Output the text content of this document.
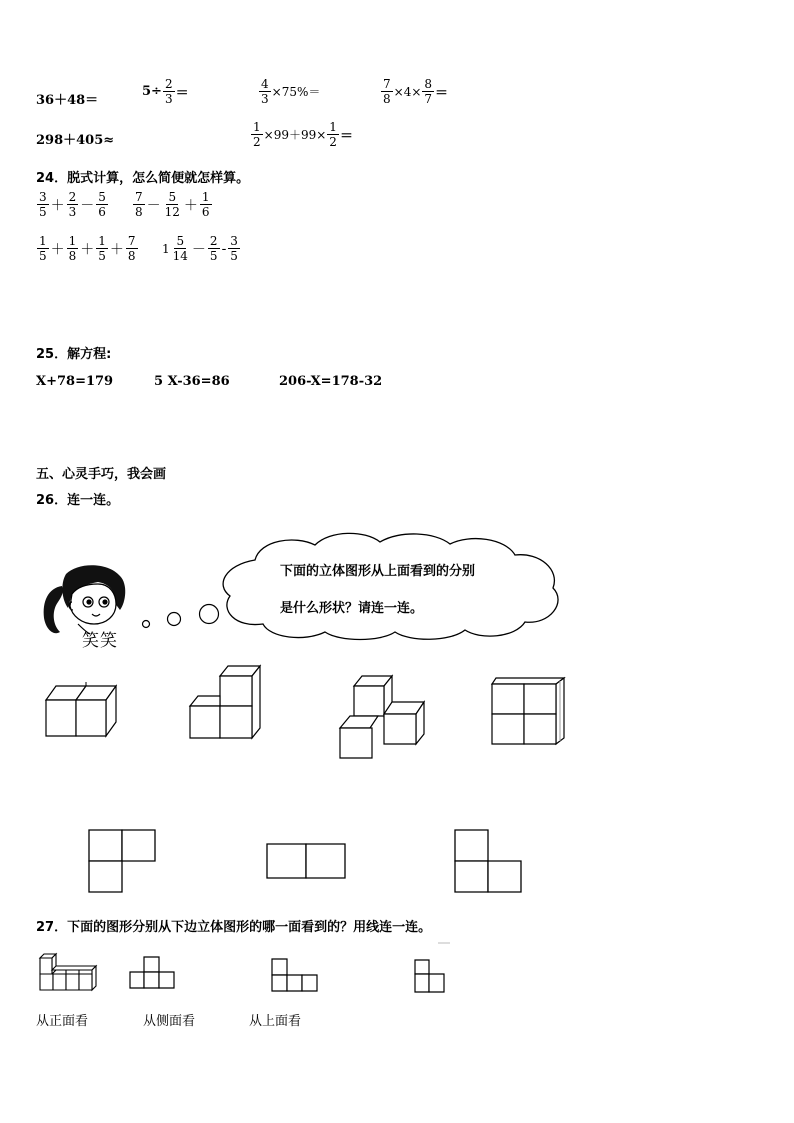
36＋48＝
$5\div \frac{2}{3}$ ＝	$\frac{4}{3} \times 75\%=$	$\frac{7}{8} \times 4\times \frac{8}{7}$ ＝
298＋405≈	$\frac{1}{2} \times 99+99\times \frac{1}{2}$ ＝
24．脱式计算，怎么简便就怎样算。
$\frac{3}{5} + \frac{2}{3} - \frac{5}{6} \frac{7}{8} - \frac{5}{12} + \frac{1}{6}$
$\frac{1}{5} + \frac{1}{8} + \frac{1}{5} + \frac{7}{8} 1 \frac{5}{14} - \frac{2}{5} - \frac{3}{5}$
25．解方程:
X+78=179	5 X-36=86	206-X=178-32
五、心灵手巧，我会画
26．连一连。
下面的立体图形从上面看到的分别
是什么形状？请连一连。
笑笑
27．下面的图形分别从下边立体图形的哪一面看到的？用线连一连。
从正面看	从侧面看	从上面看
